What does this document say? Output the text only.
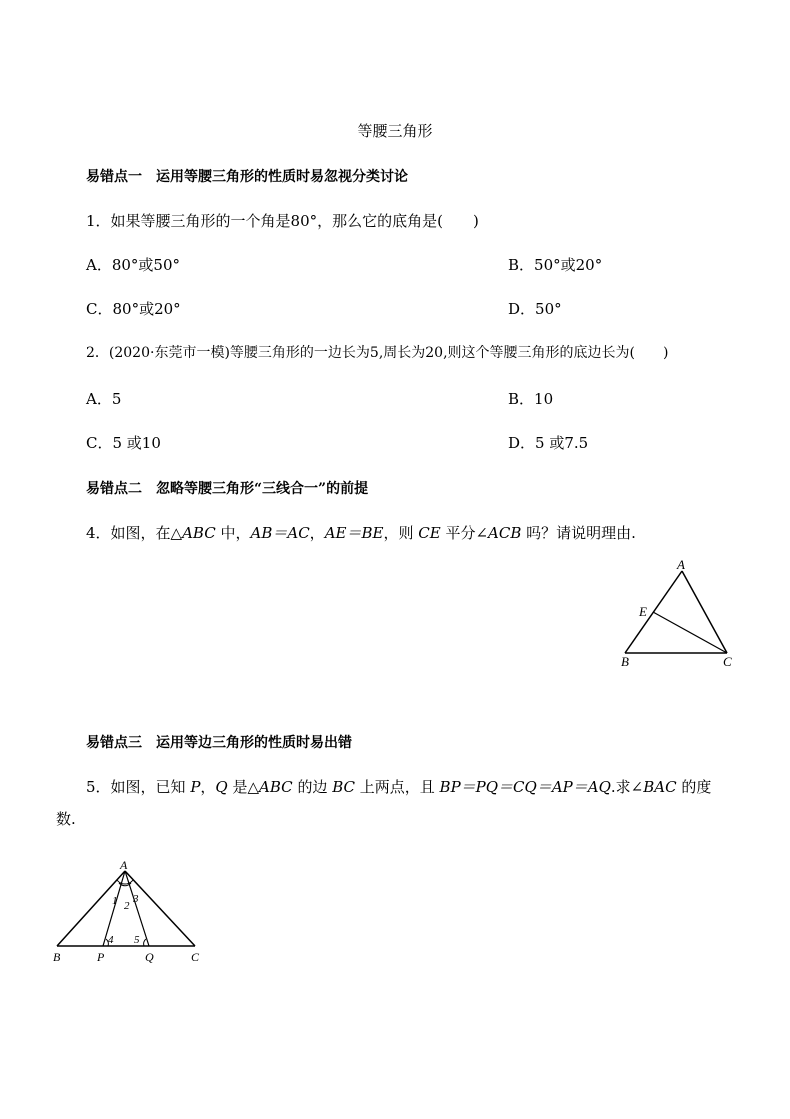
等腰三角形
易错点一　运用等腰三角形的性质时易忽视分类讨论
1．如果等腰三角形的一个角是80°，那么它的底角是(　　)
A．80°或50°	B．50°或20°
C．80°或20°	D．50°
2．(2020·东莞市一模)等腰三角形的一边长为5,周长为20,则这个等腰三角形的底边长为(　　)
A．5	B．10
C．5 或10	D．5 或7.5
易错点二　忽略等腰三角形“三线合一”的前提
4．如图，在△ABC 中，AB＝AC，AE＝BE，则 CE 平分∠ACB 吗？请说明理由.
A
E
B	C
易错点三　运用等边三角形的性质时易出错
5．如图，已知 P，Q 是△ABC 的边 BC 上两点，且 BP＝PQ＝CQ＝AP＝AQ.求∠BAC 的度
数.
A
B	P	Q	C
1 2
3
4 5
